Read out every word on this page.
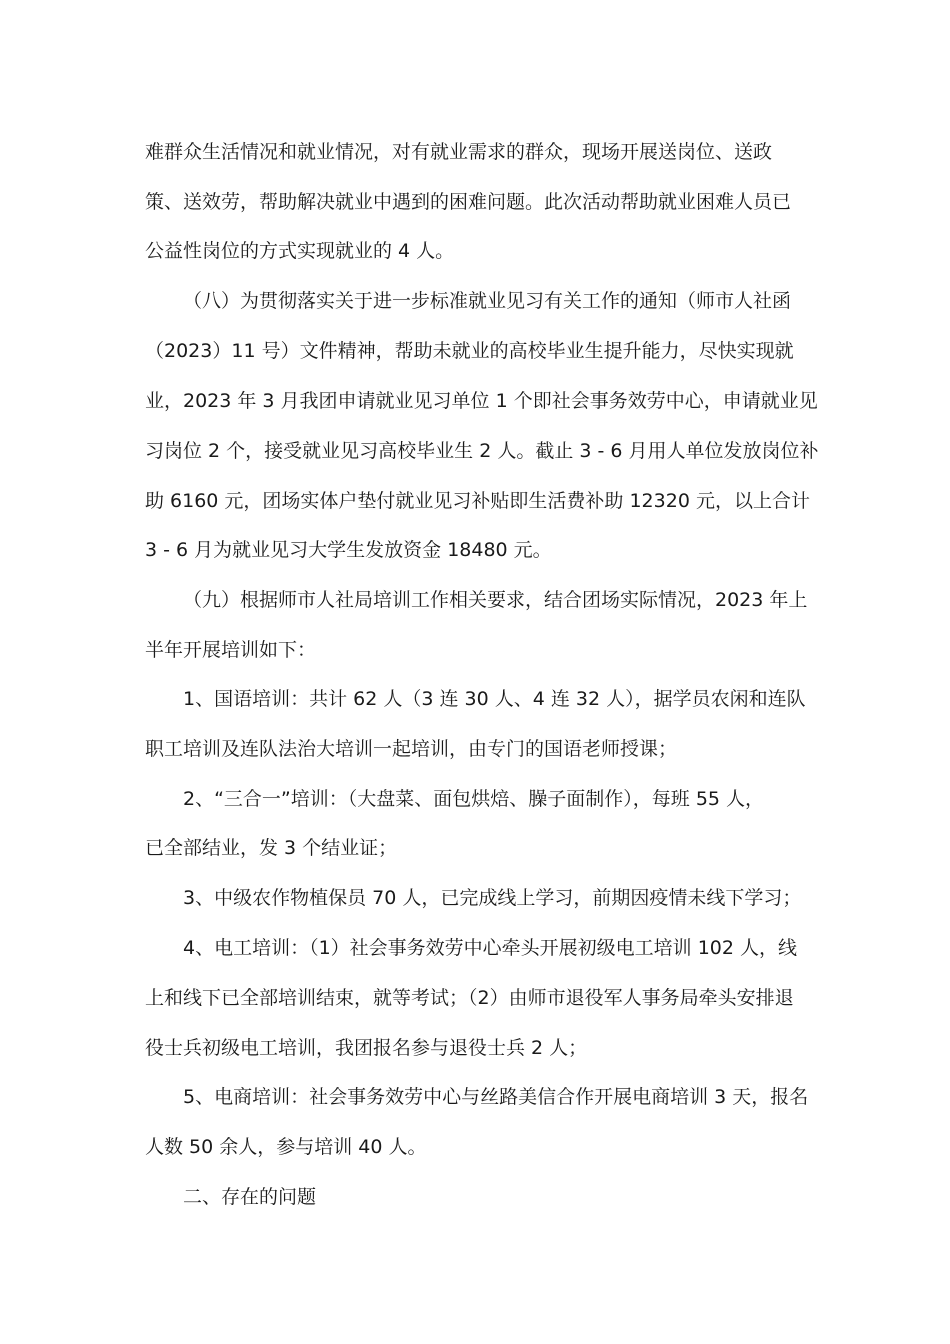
难群众生活情况和就业情况，对有就业需求的群众，现场开展送岗位、送政
策、送效劳，帮助解决就业中遇到的困难问题。此次活动帮助就业困难人员已
公益性岗位的方式实现就业的 4 人。
（八）为贯彻落实关于进一步标准就业见习有关工作的通知（师市人社函
（2023）11 号）文件精神，帮助未就业的高校毕业生提升能力，尽快实现就
业，2023 年 3 月我团申请就业见习单位 1 个即社会事务效劳中心，申请就业见
习岗位 2 个，接受就业见习高校毕业生 2 人。截止 3 - 6 月用人单位发放岗位补
助 6160 元，团场实体户垫付就业见习补贴即生活费补助 12320 元，以上合计
3 - 6 月为就业见习大学生发放资金 18480 元。
（九）根据师市人社局培训工作相关要求，结合团场实际情况，2023 年上
半年开展培训如下：
1、国语培训：共计 62 人（3 连 30 人、4 连 32 人），据学员农闲和连队
职工培训及连队法治大培训一起培训，由专门的国语老师授课；
2、“三合一”培训：（大盘菜、面包烘焙、臊子面制作），每班 55 人，
已全部结业，发 3 个结业证；
3、中级农作物植保员 70 人，已完成线上学习，前期因疫情未线下学习；
4、电工培训：（1）社会事务效劳中心牵头开展初级电工培训 102 人，线
上和线下已全部培训结束，就等考试；（2）由师市退役军人事务局牵头安排退
役士兵初级电工培训，我团报名参与退役士兵 2 人；
5、电商培训：社会事务效劳中心与丝路美信合作开展电商培训 3 天，报名
人数 50 余人，参与培训 40 人。
二、存在的问题
